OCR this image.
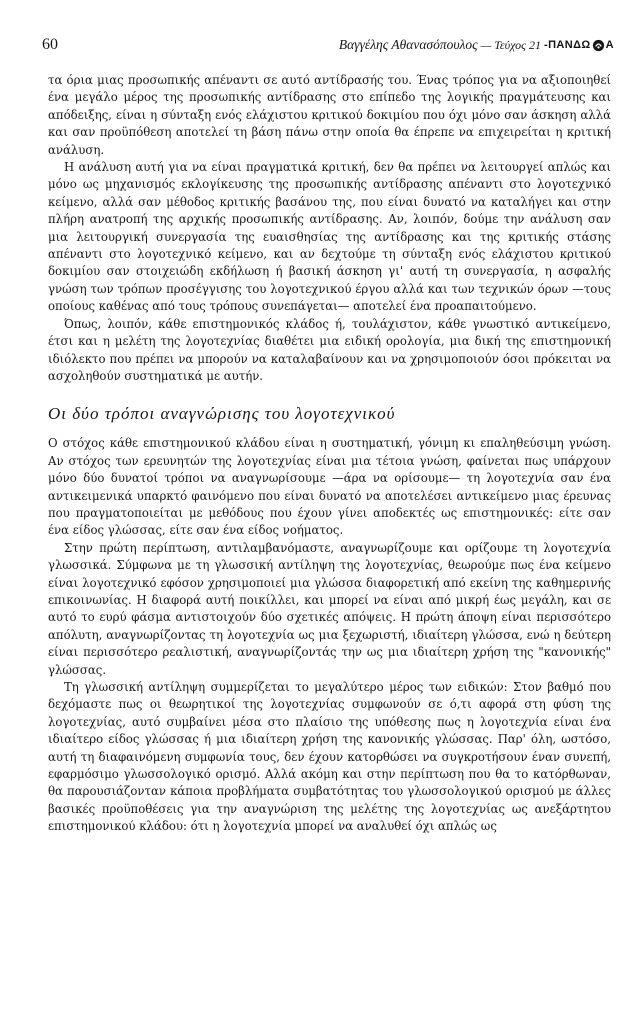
60	Βαγγέλης Αθανασόπουλος — Τεύχος 21 - ΠΑΝΔΩ Α

τα όρια μιας προσωπικής απέναντι σε αυτό αντίδρασής του. Ένας τρόπος για να αξιοποιηθεί ένα μεγάλο μέρος της προσωπικής αντίδρασης στο επίπεδο της λογικής πραγμάτευσης και απόδειξης, είναι η σύνταξη ενός ελάχιστου κριτικού δοκιμίου που όχι μόνο σαν άσκηση αλλά και σαν προϋπόθεση αποτελεί τη βάση πάνω στην οποία θα έπρεπε να επιχειρείται η κριτική ανάλυση.

Η ανάλυση αυτή για να είναι πραγματικά κριτική, δεν θα πρέπει να λειτουργεί απλώς και μόνο ως μηχανισμός εκλογίκευσης της προσωπικής αντίδρασης απέναντι στο λογοτεχνικό κείμενο, αλλά σαν μέθοδος κριτικής βασάνου της, που είναι δυνατό να καταλήγει και στην πλήρη ανατροπή της αρχικής προσωπικής αντίδρασης. Αν, λοιπόν, δούμε την ανάλυση σαν μια λειτουργική συνεργασία της ευαισθησίας της αντίδρασης και της κριτικής στάσης απέναντι στο λογοτεχνικό κείμενο, και αν δεχτούμε τη σύνταξη ενός ελάχιστου κριτικού δοκιμίου σαν στοιχειώδη εκδήλωση ή βασική άσκηση γι' αυτή τη συνεργασία, η ασφαλής γνώση των τρόπων προσέγγισης του λογοτεχνικού έργου αλλά και των τεχνικών όρων —τους οποίους καθένας από τους τρόπους συνεπάγεται— αποτελεί ένα προαπαιτούμενο.

Όπως, λοιπόν, κάθε επιστημονικός κλάδος ή, τουλάχιστον, κάθε γνωστικό αντικείμενο, έτσι και η μελέτη της λογοτεχνίας διαθέτει μια ειδική ορολογία, μια δική της επιστημονική ιδιόλεκτο που πρέπει να μπορούν να καταλαβαίνουν και να χρησιμοποιούν όσοι πρόκειται να ασχοληθούν συστηματικά με αυτήν.

Οι δύο τρόποι αναγνώρισης του λογοτεχνικού

Ο στόχος κάθε επιστημονικού κλάδου είναι η συστηματική, γόνιμη κι επαληθεύσιμη γνώση. Αν στόχος των ερευνητών της λογοτεχνίας είναι μια τέτοια γνώση, φαίνεται πως υπάρχουν μόνο δύο δυνατοί τρόποι να αναγνωρίσουμε —άρα να ορίσουμε— τη λογοτεχνία σαν ένα αντικειμενικά υπαρκτό φαινόμενο που είναι δυνατό να αποτελέσει αντικείμενο μιας έρευνας που πραγματοποιείται με μεθόδους που έχουν γίνει αποδεκτές ως επιστημονικές: είτε σαν ένα είδος γλώσσας, είτε σαν ένα είδος νοήματος.

Στην πρώτη περίπτωση, αντιλαμβανόμαστε, αναγνωρίζουμε και ορίζουμε τη λογοτεχνία γλωσσικά. Σύμφωνα με τη γλωσσική αντίληψη της λογοτεχνίας, θεωρούμε πως ένα κείμενο είναι λογοτεχνικό εφόσον χρησιμοποιεί μια γλώσσα διαφορετική από εκείνη της καθημερινής επικοινωνίας. Η διαφορά αυτή ποικίλλει, και μπορεί να είναι από μικρή έως μεγάλη, και σε αυτό το ευρύ φάσμα αντιστοιχούν δύο σχετικές απόψεις. Η πρώτη άποψη είναι περισσότερο απόλυτη, αναγνωρίζοντας τη λογοτεχνία ως μια ξεχωριστή, ιδιαίτερη γλώσσα, ενώ η δεύτερη είναι περισσότερο ρεαλιστική, αναγνωρίζοντάς την ως μια ιδιαίτερη χρήση της "κανονικής" γλώσσας.

Τη γλωσσική αντίληψη συμμερίζεται το μεγαλύτερο μέρος των ειδικών: Στον βαθμό που δεχόμαστε πως οι θεωρητικοί της λογοτεχνίας συμφωνούν σε ό,τι αφορά στη φύση της λογοτεχνίας, αυτό συμβαίνει μέσα στο πλαίσιο της υπόθεσης πως η λογοτεχνία είναι ένα ιδιαίτερο είδος γλώσσας ή μια ιδιαίτερη χρήση της κανονικής γλώσσας. Παρ' όλη, ωστόσο, αυτή τη διαφαινόμενη συμφωνία τους, δεν έχουν κατορθώσει να συγκροτήσουν έναν συνεπή, εφαρμόσιμο γλωσσολογικό ορισμό. Αλλά ακόμη και στην περίπτωση που θα το κατόρθωναν, θα παρουσιάζονταν κάποια προβλήματα συμβατότητας του γλωσσολογικού ορισμού με άλλες βασικές προϋποθέσεις για την αναγνώριση της μελέτης της λογοτεχνίας ως ανεξάρτητου επιστημονικού κλάδου: ότι η λογοτεχνία μπορεί να αναλυθεί όχι απλώς ως
